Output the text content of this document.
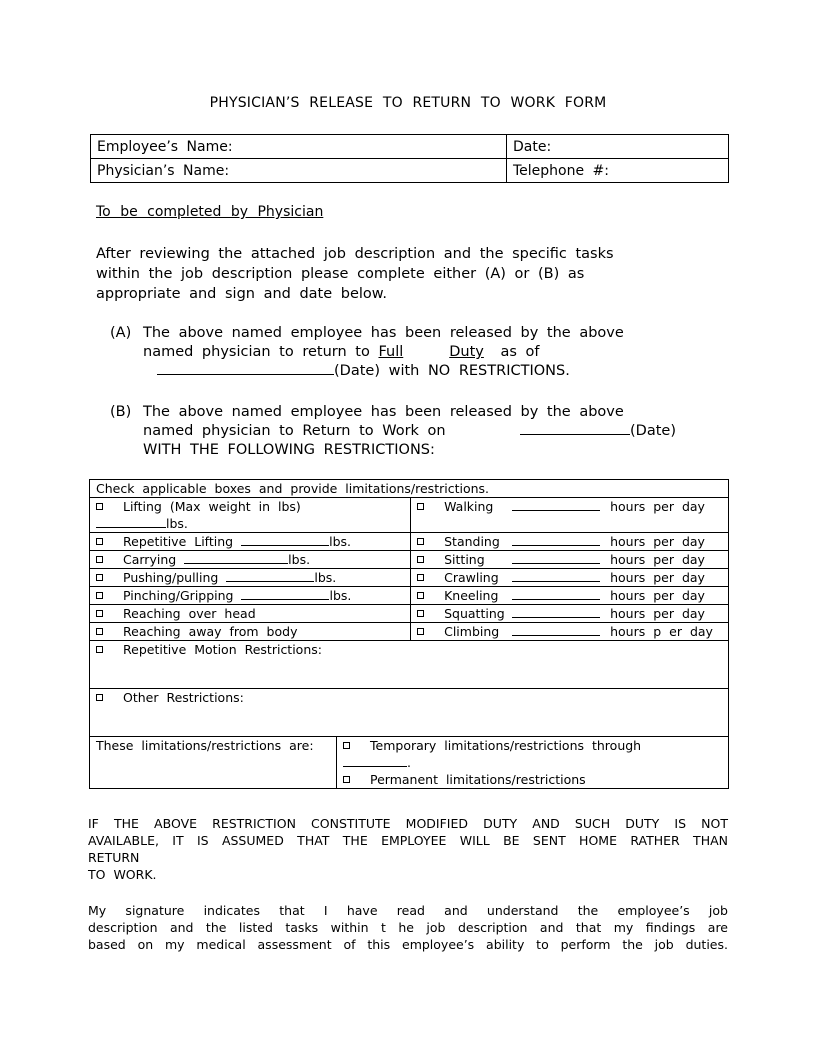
PHYSICIAN’S RELEASE TO RETURN TO WORK FORM
Employee’s Name:	Date:
Physician’s Name:	Telephone #:
To be completed by Physician
After reviewing the attached job description and the specific tasks
within the job description please complete either (A) or (B) as
appropriate and sign and date below.
(A) The above named employee has been released by the above
named physician to return to Full	Duty as of
(Date) with NO RESTRICTIONS.
(B) The above named employee has been released by the above
named physician to Return to Work on	(Date)
WITH THE FOLLOWING RESTRICTIONS:
Check applicable boxes and provide limitations/restrictions.		
Lifting (Max weight in lbs)
lbs.		Walking hours per day
Repetitive Lifting lbs.		Standing hours per day
Carrying lbs.		Sitting hours per day
Pushing/pulling lbs.		Crawling hours per day
Pinching/Gripping lbs.		Kneeling hours per day
Reaching over head		Squatting hours per day
Reaching away from body		Climbing hours p er day
Repetitive Motion Restrictions:		
Other Restrictions:		
These limitations/restrictions are:	Temporary limitations/restrictions through
.
Permanent limitations/restrictions	
IF THE ABOVE RESTRICTION CONSTITUTE MODIFIED DUTY AND SUCH DUTY IS NOT
AVAILABLE, IT IS ASSUMED THAT THE EMPLOYEE WILL BE SENT HOME RATHER THAN
RETURN
TO WORK.
My signature indicates that I have read and understand the employee’s job
description and the listed tasks within t he job description and that my findings are
based on my medical assessment of this employee’s ability to perform the job duties.
